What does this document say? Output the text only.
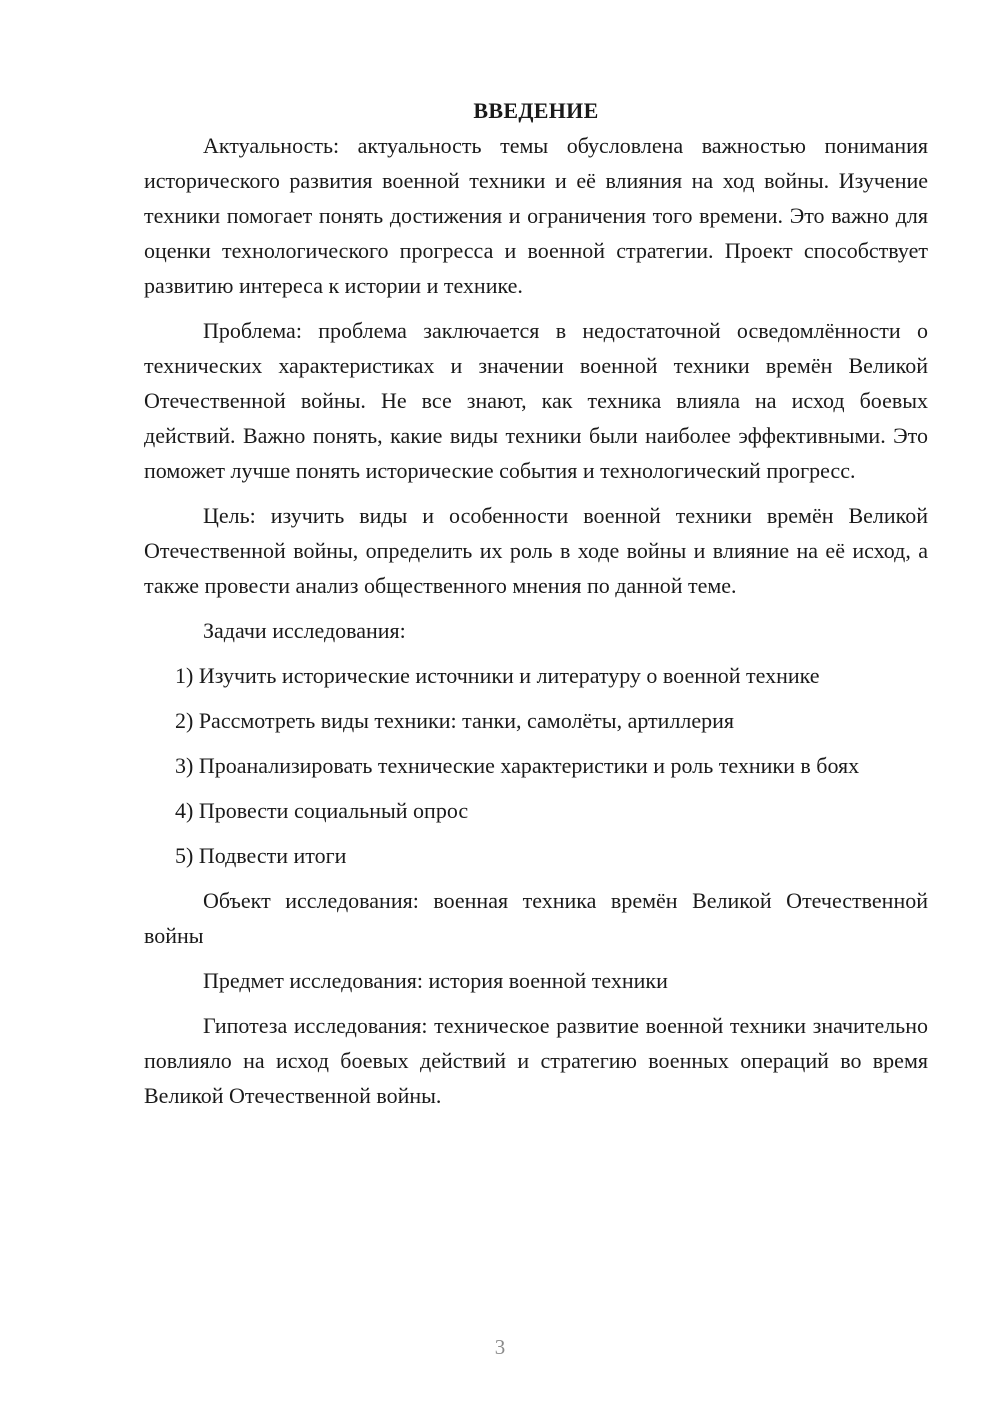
ВВЕДЕНИЕ

Актуальность: актуальность темы обусловлена важностью понимания исторического развития военной техники и её влияния на ход войны. Изучение техники помогает понять достижения и ограничения того времени. Это важно для оценки технологического прогресса и военной стратегии. Проект способствует развитию интереса к истории и технике.

Проблема: проблема заключается в недостаточной осведомлённости о технических характеристиках и значении военной техники времён Великой Отечественной войны. Не все знают, как техника влияла на исход боевых действий. Важно понять, какие виды техники были наиболее эффективными. Это поможет лучше понять исторические события и технологический прогресс.

Цель: изучить виды и особенности военной техники времён Великой Отечественной войны, определить их роль в ходе войны и влияние на её исход, а также провести анализ общественного мнения по данной теме.

Задачи исследования:

1) Изучить исторические источники и литературу о военной технике

2) Рассмотреть виды техники: танки, самолёты, артиллерия

3) Проанализировать технические характеристики и роль техники в боях

4) Провести социальный опрос

5) Подвести итоги

Объект исследования: военная техника времён Великой Отечественной войны

Предмет исследования: история военной техники

Гипотеза исследования: техническое развитие военной техники значительно повлияло на исход боевых действий и стратегию военных операций во время Великой Отечественной войны.

3
